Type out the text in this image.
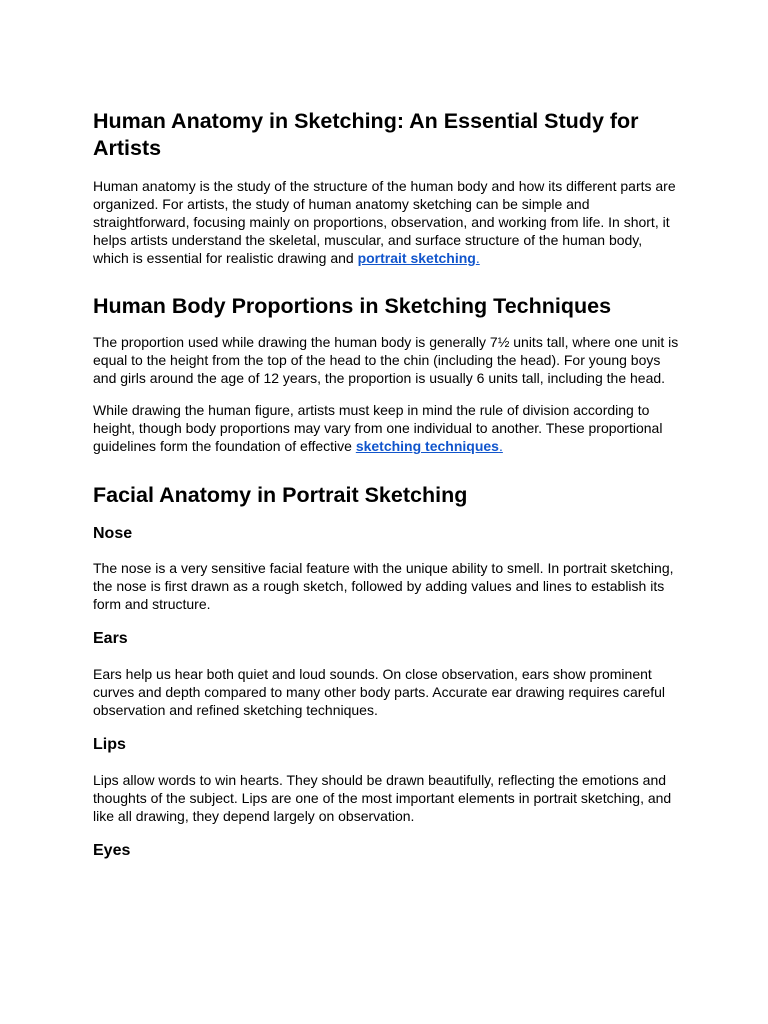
Human Anatomy in Sketching: An Essential Study for Artists

Human anatomy is the study of the structure of the human body and how its different parts are organized. For artists, the study of human anatomy sketching can be simple and straightforward, focusing mainly on proportions, observation, and working from life. In short, it helps artists understand the skeletal, muscular, and surface structure of the human body, which is essential for realistic drawing and portrait sketching.

Human Body Proportions in Sketching Techniques

The proportion used while drawing the human body is generally 7½ units tall, where one unit is equal to the height from the top of the head to the chin (including the head). For young boys and girls around the age of 12 years, the proportion is usually 6 units tall, including the head.

While drawing the human figure, artists must keep in mind the rule of division according to height, though body proportions may vary from one individual to another. These proportional guidelines form the foundation of effective sketching techniques.

Facial Anatomy in Portrait Sketching
Nose

The nose is a very sensitive facial feature with the unique ability to smell. In portrait sketching, the nose is first drawn as a rough sketch, followed by adding values and lines to establish its form and structure.

Ears

Ears help us hear both quiet and loud sounds. On close observation, ears show prominent curves and depth compared to many other body parts. Accurate ear drawing requires careful observation and refined sketching techniques.

Lips

Lips allow words to win hearts. They should be drawn beautifully, reflecting the emotions and thoughts of the subject. Lips are one of the most important elements in portrait sketching, and like all drawing, they depend largely on observation.

Eyes
